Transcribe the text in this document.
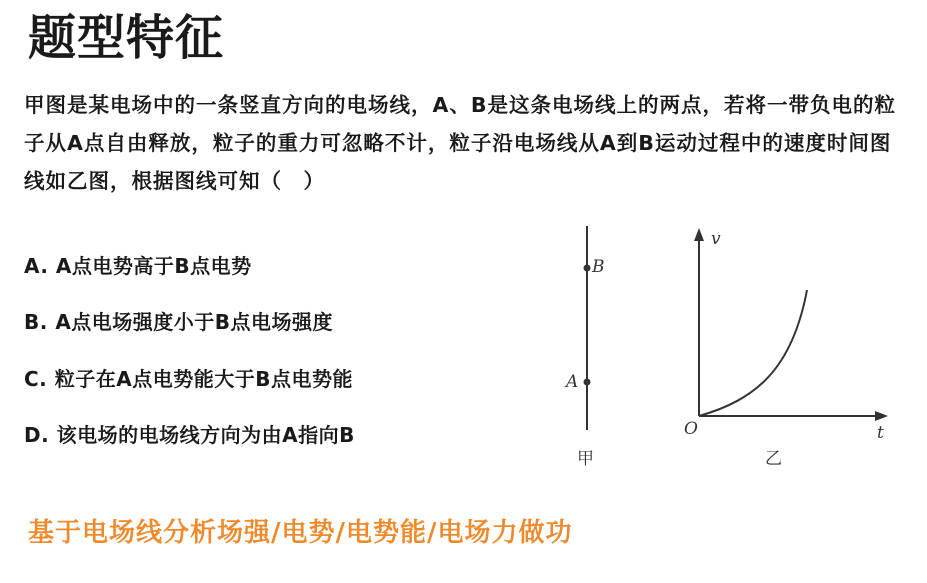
题型特征

甲图是某电场中的一条竖直方向的电场线，A、B是这条电场线上的两点，若将一带负电的粒子从A点自由释放，粒子的重力可忽略不计，粒子沿电场线从A到B运动过程中的速度时间图线如乙图，根据图线可知（　）

A. A点电势高于B点电势

B. A点电场强度小于B点电场强度

C. 粒子在A点电势能大于B点电势能

D. 该电场的电场线方向为由A指向B

B
A
甲
v
t
O
乙

基于电场线分析场强/电势/电势能/电场力做功
